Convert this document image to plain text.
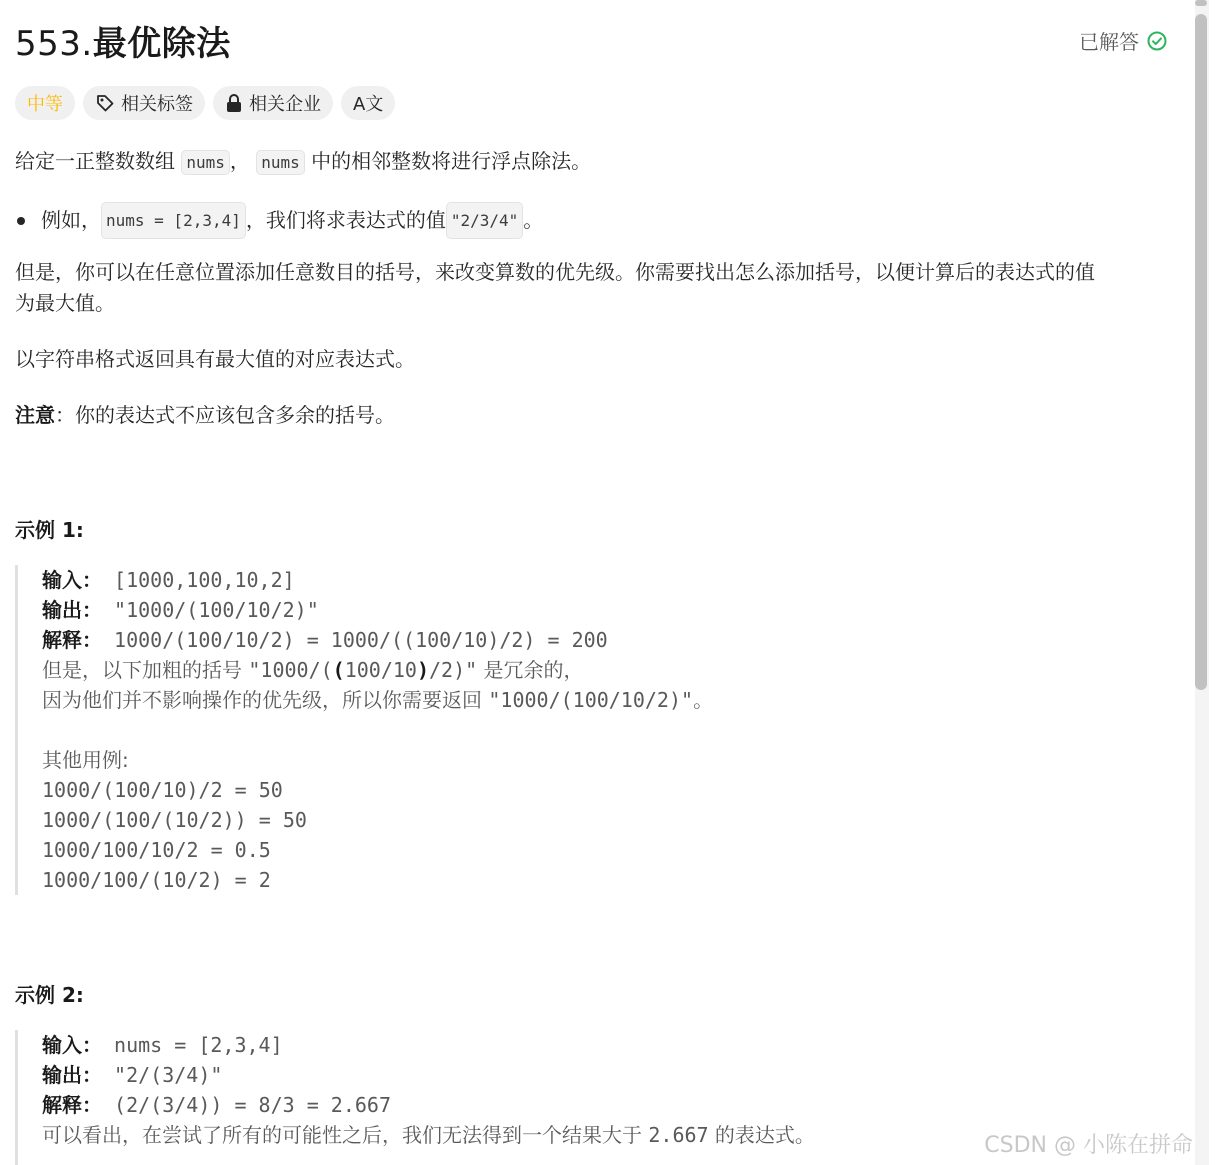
553.最优除法	已解答
中等	相关标签	相关企业 A文

给定一正整数数组 nums ， nums 中的相邻整数将进行浮点除法。

例如， nums = [2,3,4] ，我们将求表达式的值 "2/3/4" 。

但是，你可以在任意位置添加任意数目的括号，来改变算数的优先级。你需要找出怎么添加括号，以便计算后的表达式的值
为最大值。

以字符串格式返回具有最大值的对应表达式。

注意：你的表达式不应该包含多余的括号。

示例 1:
输入： [1000,100,10,2]
输出： "1000/(100/10/2)"
解释： 1000/(100/10/2) = 1000/((100/10)/2) = 200
但是，以下加粗的括号 "1000/((100/10)/2)" 是冗余的，
因为他们并不影响操作的优先级，所以你需要返回 "1000/(100/10/2)"。

其他用例:
1000/(100/10)/2 = 50
1000/(100/(10/2)) = 50
1000/100/10/2 = 0.5
1000/100/(10/2) = 2
示例 2:
输入： nums = [2,3,4]
输出： "2/(3/4)"
解释： (2/(3/4)) = 8/3 = 2.667
可以看出，在尝试了所有的可能性之后，我们无法得到一个结果大于 2.667 的表达式。	CSDN @ 小陈在拼命
